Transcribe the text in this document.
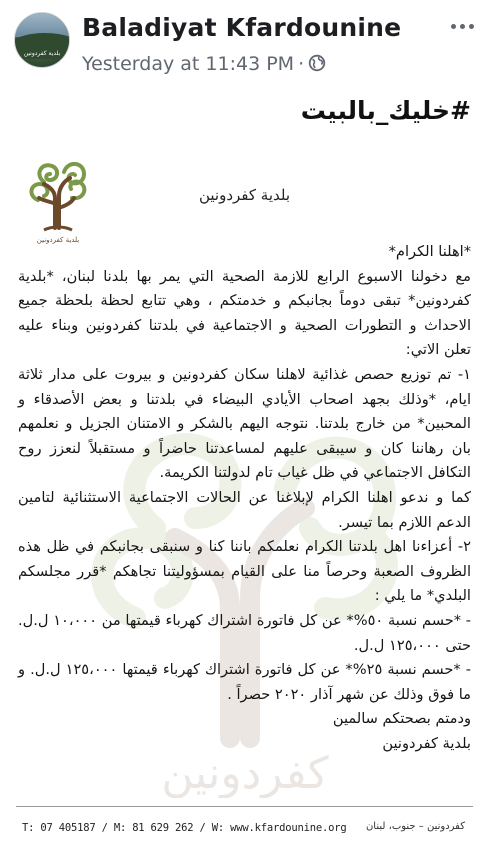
بلدية كفردونين
Baladiyat Kfardounine
Yesterday at 11:43 PM ·
#خليك_بالبيت
بلدية كفردونين
بلدية كفردونين
كفردونين

*اهلنا الكرام*

مع دخولنا الاسبوع الرابع للازمة الصحية التي يمر بها بلدنا لبنان، *بلدية كفردونين* تبقى دوماً بجانبكم و خدمتكم ، وهي تتابع لحظة بلحظة جميع الاحداث و التطورات الصحية و الاجتماعية في بلدتنا كفردونين وبناء عليه تعلن الاتي:

١- تم توزيع حصص غذائية لاهلنا سكان كفردونين و بيروت على مدار ثلاثة ايام، *وذلك بجهد اصحاب الأيادي البيضاء في بلدتنا و بعض الأصدقاء و المحبين* من خارج بلدتنا. نتوجه اليهم بالشكر و الامتنان الجزيل و نعلمهم بان رهاننا كان و سيبقى عليهم لمساعدتنا حاضراً و مستقبلاً لنعزز روح التكافل الاجتماعي في ظل غياب تام لدولتنا الكريمة.

كما و ندعو اهلنا الكرام لإبلاغنا عن الحالات الاجتماعية الاستثنائية لتامين الدعم اللازم بما تيسر.

٢- أعزاءنا اهل بلدتنا الكرام نعلمكم باننا كنا و سنبقى بجانبكم في ظل هذه الظروف الصعبة وحرصاً منا على القيام بمسؤوليتنا تجاهكم *قرر مجلسكم البلدي* ما يلي :

- *حسم نسبة ٥٠%* عن كل فاتورة اشتراك كهرباء قيمتها من ١٠،٠٠٠ ل.ل. حتى ١٢٥،٠٠٠ ل.ل.

- *حسم نسبة ٢٥%* عن كل فاتورة اشتراك كهرباء قيمتها ١٢٥،٠٠٠ ل.ل. و ما فوق وذلك عن شهر آذار ٢٠٢٠ حصراً .

ودمتم بصحتكم سالمين

بلدية كفردونين

T: 07 405187 / M: 81 629 262 / W: www.kfardounine.org كفردونين – جنوب، لبنان
